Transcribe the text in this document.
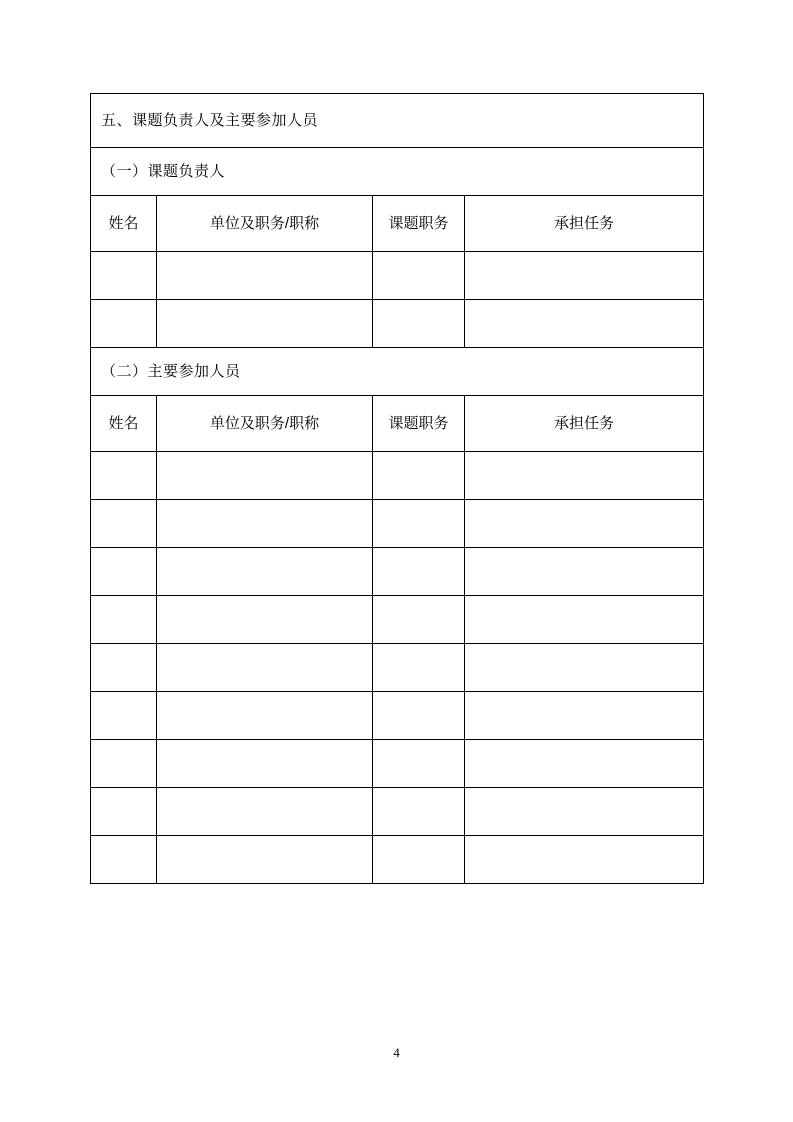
五、课题负责人及主要参加人员			
（一）课题负责人			
姓名	单位及职务/职称	课题职务	承担任务

（二）主要参加人员			
姓名	单位及职务/职称	课题职务	承担任务

4
